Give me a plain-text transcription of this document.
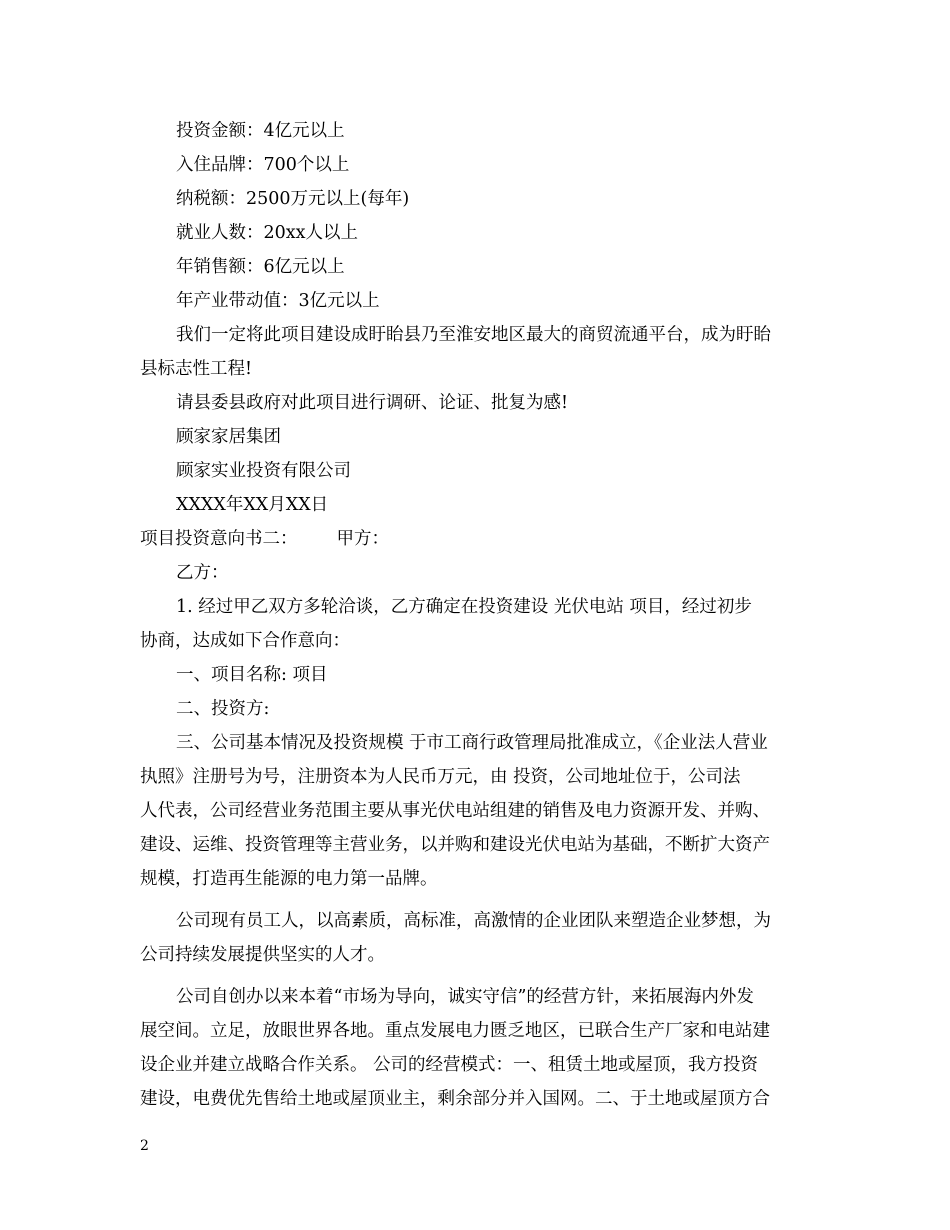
投资金额：4亿元以上
入住品牌：700个以上
纳税额：2500万元以上(每年)
就业人数：20xx人以上
年销售额：6亿元以上
年产业带动值：3亿元以上
我们一定将此项目建设成盱眙县乃至淮安地区最大的商贸流通平台，成为盱眙
县标志性工程!
请县委县政府对此项目进行调研、论证、批复为感!
顾家家居集团
顾家实业投资有限公司
XXXX年XX月XX日
项目投资意向书二：       甲方：
乙方：
1. 经过甲乙双方多轮洽谈，乙方确定在投资建设 光伏电站 项目，经过初步
协商，达成如下合作意向：
一、项目名称: 项目
二、投资方:
三、公司基本情况及投资规模 于市工商行政管理局批准成立，《企业法人营业
执照》注册号为号，注册资本为人民币万元，由 投资，公司地址位于，公司法
人代表，公司经营业务范围主要从事光伏电站组建的销售及电力资源开发、并购、
建设、运维、投资管理等主营业务，以并购和建设光伏电站为基础，不断扩大资产
规模，打造再生能源的电力第一品牌。
公司现有员工人，以高素质，高标准，高激情的企业团队来塑造企业梦想，为
公司持续发展提供坚实的人才。
公司自创办以来本着“市场为导向，诚实守信”的经营方针，来拓展海内外发
展空间。立足，放眼世界各地。重点发展电力匮乏地区，已联合生产厂家和电站建
设企业并建立战略合作关系。 公司的经营模式：一、租赁土地或屋顶，我方投资
建设，电费优先售给土地或屋顶业主，剩余部分并入国网。二、于土地或屋顶方合
2
